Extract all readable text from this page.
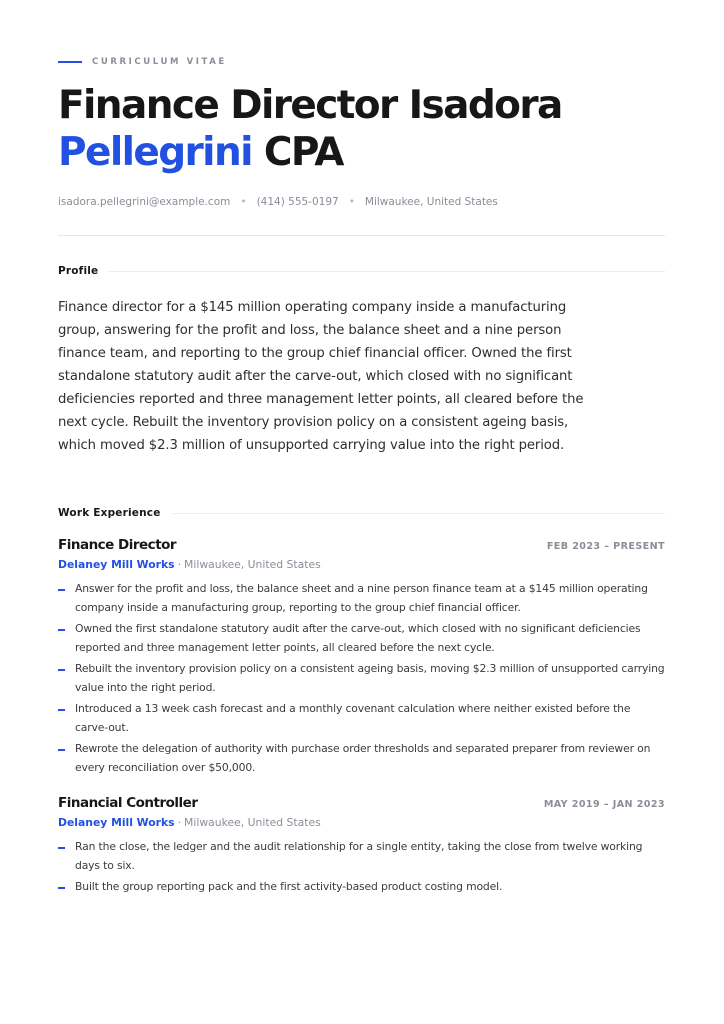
CURRICULUM VITAE
Finance Director Isadora
Pellegrini CPA
isadora.pellegrini@example.com • (414) 555-0197 • Milwaukee, United States
Profile

Finance director for a $145 million operating company inside a manufacturing group, answering for the profit and loss, the balance sheet and a nine person finance team, and reporting to the group chief financial officer. Owned the first standalone statutory audit after the carve-out, which closed with no significant deficiencies reported and three management letter points, all cleared before the next cycle. Rebuilt the inventory provision policy on a consistent ageing basis, which moved $2.3 million of unsupported carrying value into the right period.

Work Experience
Finance Director	FEB 2023 – PRESENT
Delaney Mill Works · Milwaukee, United States
Answer for the profit and loss, the balance sheet and a nine person finance team at a $145 million operating company inside a manufacturing group, reporting to the group chief financial officer.
Owned the first standalone statutory audit after the carve-out, which closed with no significant deficiencies reported and three management letter points, all cleared before the next cycle.
Rebuilt the inventory provision policy on a consistent ageing basis, moving $2.3 million of unsupported carrying value into the right period.
Introduced a 13 week cash forecast and a monthly covenant calculation where neither existed before the carve-out.
Rewrote the delegation of authority with purchase order thresholds and separated preparer from reviewer on every reconciliation over $50,000.
Financial Controller	MAY 2019 – JAN 2023
Delaney Mill Works · Milwaukee, United States
Ran the close, the ledger and the audit relationship for a single entity, taking the close from twelve working days to six.
Built the group reporting pack and the first activity-based product costing model.
